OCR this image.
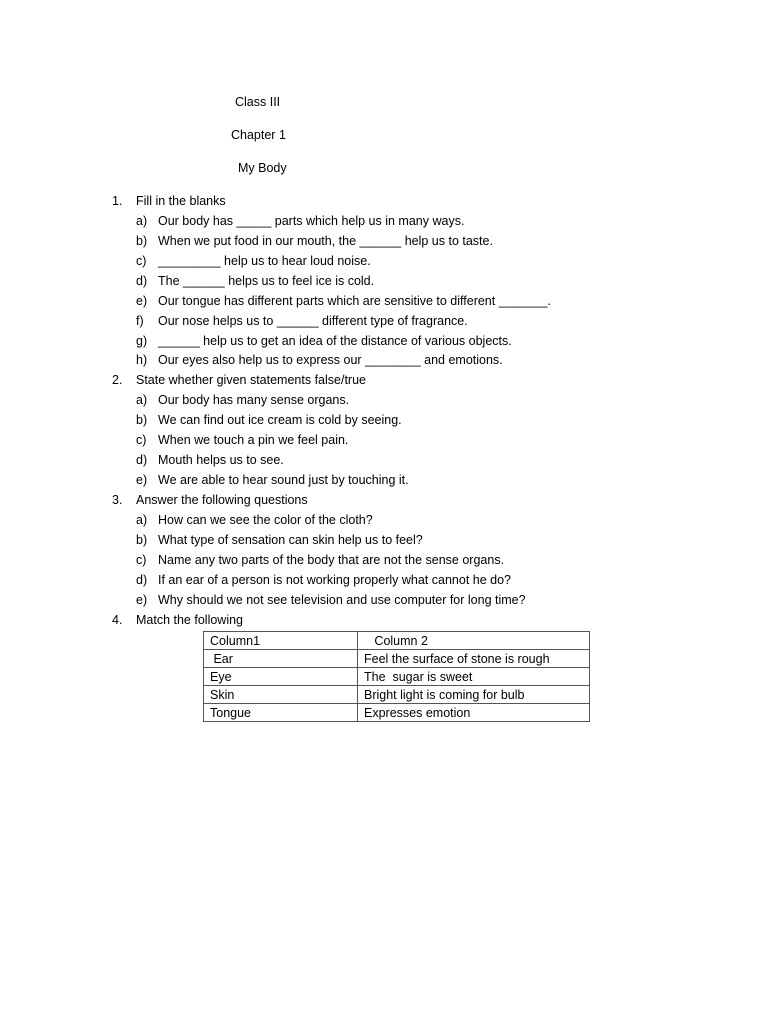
Class III
Chapter 1
My Body
1. Fill in the blanks
a) Our body has _____ parts which help us in many ways.
b) When we put food in our mouth, the ______ help us to taste.
c) _________ help us to hear loud noise.
d) The ______ helps us to feel ice is cold.
e) Our tongue has different parts which are sensitive to different _______.
f) Our nose helps us to ______ different type of fragrance.
g) ______ help us to get an idea of the distance of various objects.
h) Our eyes also help us to express our ________ and emotions.
2. State whether given statements false/true
a) Our body has many sense organs.
b) We can find out ice cream is cold by seeing.
c) When we touch a pin we feel pain.
d) Mouth helps us to see.
e) We are able to hear sound just by touching it.
3. Answer the following questions
a) How can we see the color of the cloth?
b) What type of sensation can skin help us to feel?
c) Name any two parts of the body that are not the sense organs.
d) If an ear of a person is not working properly what cannot he do?
e) Why should we not see television and use computer for long time?
4. Match the following
Column1	Column 2
Ear	Feel the surface of stone is rough
Eye	The  sugar is sweet
Skin	Bright light is coming for bulb
Tongue	Expresses emotion
